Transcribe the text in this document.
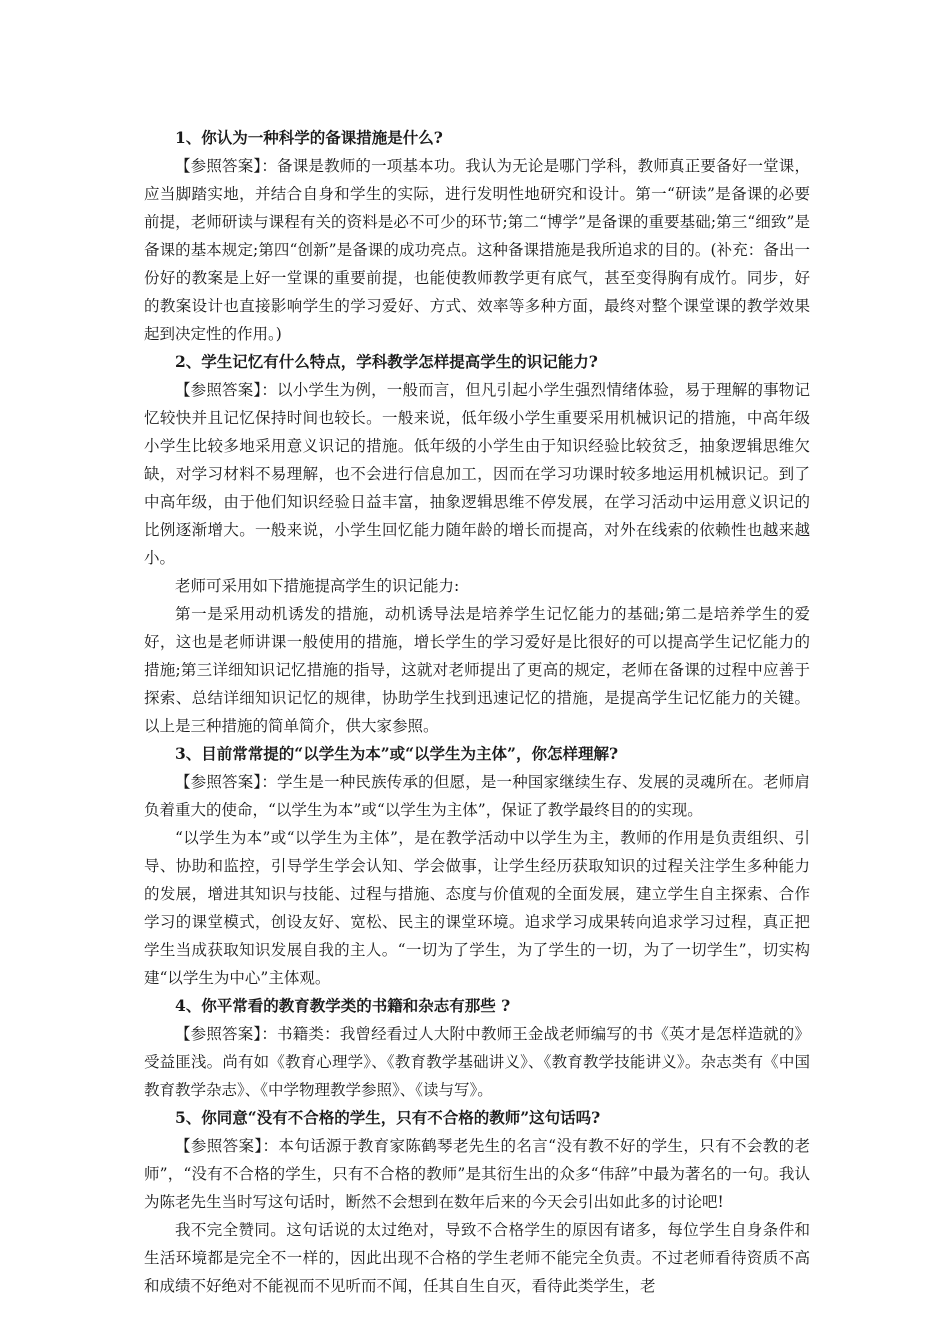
1、你认为一种科学的备课措施是什么?

【参照答案】：备课是教师的一项基本功。我认为无论是哪门学科，教师真正要备好一堂课，应当脚踏实地，并结合自身和学生的实际，进行发明性地研究和设计。第一“研读”是备课的必要前提，老师研读与课程有关的资料是必不可少的环节;第二“博学”是备课的重要基础;第三“细致”是备课的基本规定;第四“创新”是备课的成功亮点。这种备课措施是我所追求的目的。(补充：备出一份好的教案是上好一堂课的重要前提，也能使教师教学更有底气，甚至变得胸有成竹。同步，好的教案设计也直接影响学生的学习爱好、方式、效率等多种方面，最终对整个课堂课的教学效果起到决定性的作用。)

2、学生记忆有什么特点，学科教学怎样提高学生的识记能力?

【参照答案】：以小学生为例，一般而言，但凡引起小学生强烈情绪体验，易于理解的事物记忆较快并且记忆保持时间也较长。一般来说，低年级小学生重要采用机械识记的措施，中高年级小学生比较多地采用意义识记的措施。低年级的小学生由于知识经验比较贫乏，抽象逻辑思维欠缺，对学习材料不易理解，也不会进行信息加工，因而在学习功课时较多地运用机械识记。到了中高年级，由于他们知识经验日益丰富，抽象逻辑思维不停发展，在学习活动中运用意义识记的比例逐渐增大。一般来说，小学生回忆能力随年龄的增长而提高，对外在线索的依赖性也越来越小。

老师可采用如下措施提高学生的识记能力:

第一是采用动机诱发的措施，动机诱导法是培养学生记忆能力的基础;第二是培养学生的爱好，这也是老师讲课一般使用的措施，增长学生的学习爱好是比很好的可以提高学生记忆能力的措施;第三详细知识记忆措施的指导，这就对老师提出了更高的规定，老师在备课的过程中应善于探索、总结详细知识记忆的规律，协助学生找到迅速记忆的措施，是提高学生记忆能力的关键。以上是三种措施的简单简介，供大家参照。

3、目前常常提的“以学生为本”或“以学生为主体”，你怎样理解?

【参照答案】：学生是一种民族传承的但愿，是一种国家继续生存、发展的灵魂所在。老师肩负着重大的使命，“以学生为本”或“以学生为主体”，保证了教学最终目的的实现。

“以学生为本”或“以学生为主体”，是在教学活动中以学生为主，教师的作用是负责组织、引导、协助和监控，引导学生学会认知、学会做事，让学生经历获取知识的过程关注学生多种能力的发展，增进其知识与技能、过程与措施、态度与价值观的全面发展，建立学生自主探索、合作学习的课堂模式，创设友好、宽松、民主的课堂环境。追求学习成果转向追求学习过程，真正把学生当成获取知识发展自我的主人。“一切为了学生，为了学生的一切，为了一切学生”，切实构建“以学生为中心”主体观。

4、你平常看的教育教学类的书籍和杂志有那些 ?

【参照答案】：书籍类：我曾经看过人大附中教师王金战老师编写的书《英才是怎样造就的》受益匪浅。尚有如《教育心理学》、《教育教学基础讲义》、《教育教学技能讲义》。杂志类有《中国教育教学杂志》、《中学物理教学参照》、《读与写》。

5、你同意“没有不合格的学生，只有不合格的教师”这句话吗?

【参照答案】：本句话源于教育家陈鹤琴老先生的名言“没有教不好的学生，只有不会教的老师”，“没有不合格的学生，只有不合格的教师”是其衍生出的众多“伟辞”中最为著名的一句。我认为陈老先生当时写这句话时，断然不会想到在数年后来的今天会引出如此多的讨论吧!

我不完全赞同。这句话说的太过绝对，导致不合格学生的原因有诸多，每位学生自身条件和生活环境都是完全不一样的，因此出现不合格的学生老师不能完全负责。不过老师看待资质不高和成绩不好绝对不能视而不见听而不闻，任其自生自灭，看待此类学生，老
